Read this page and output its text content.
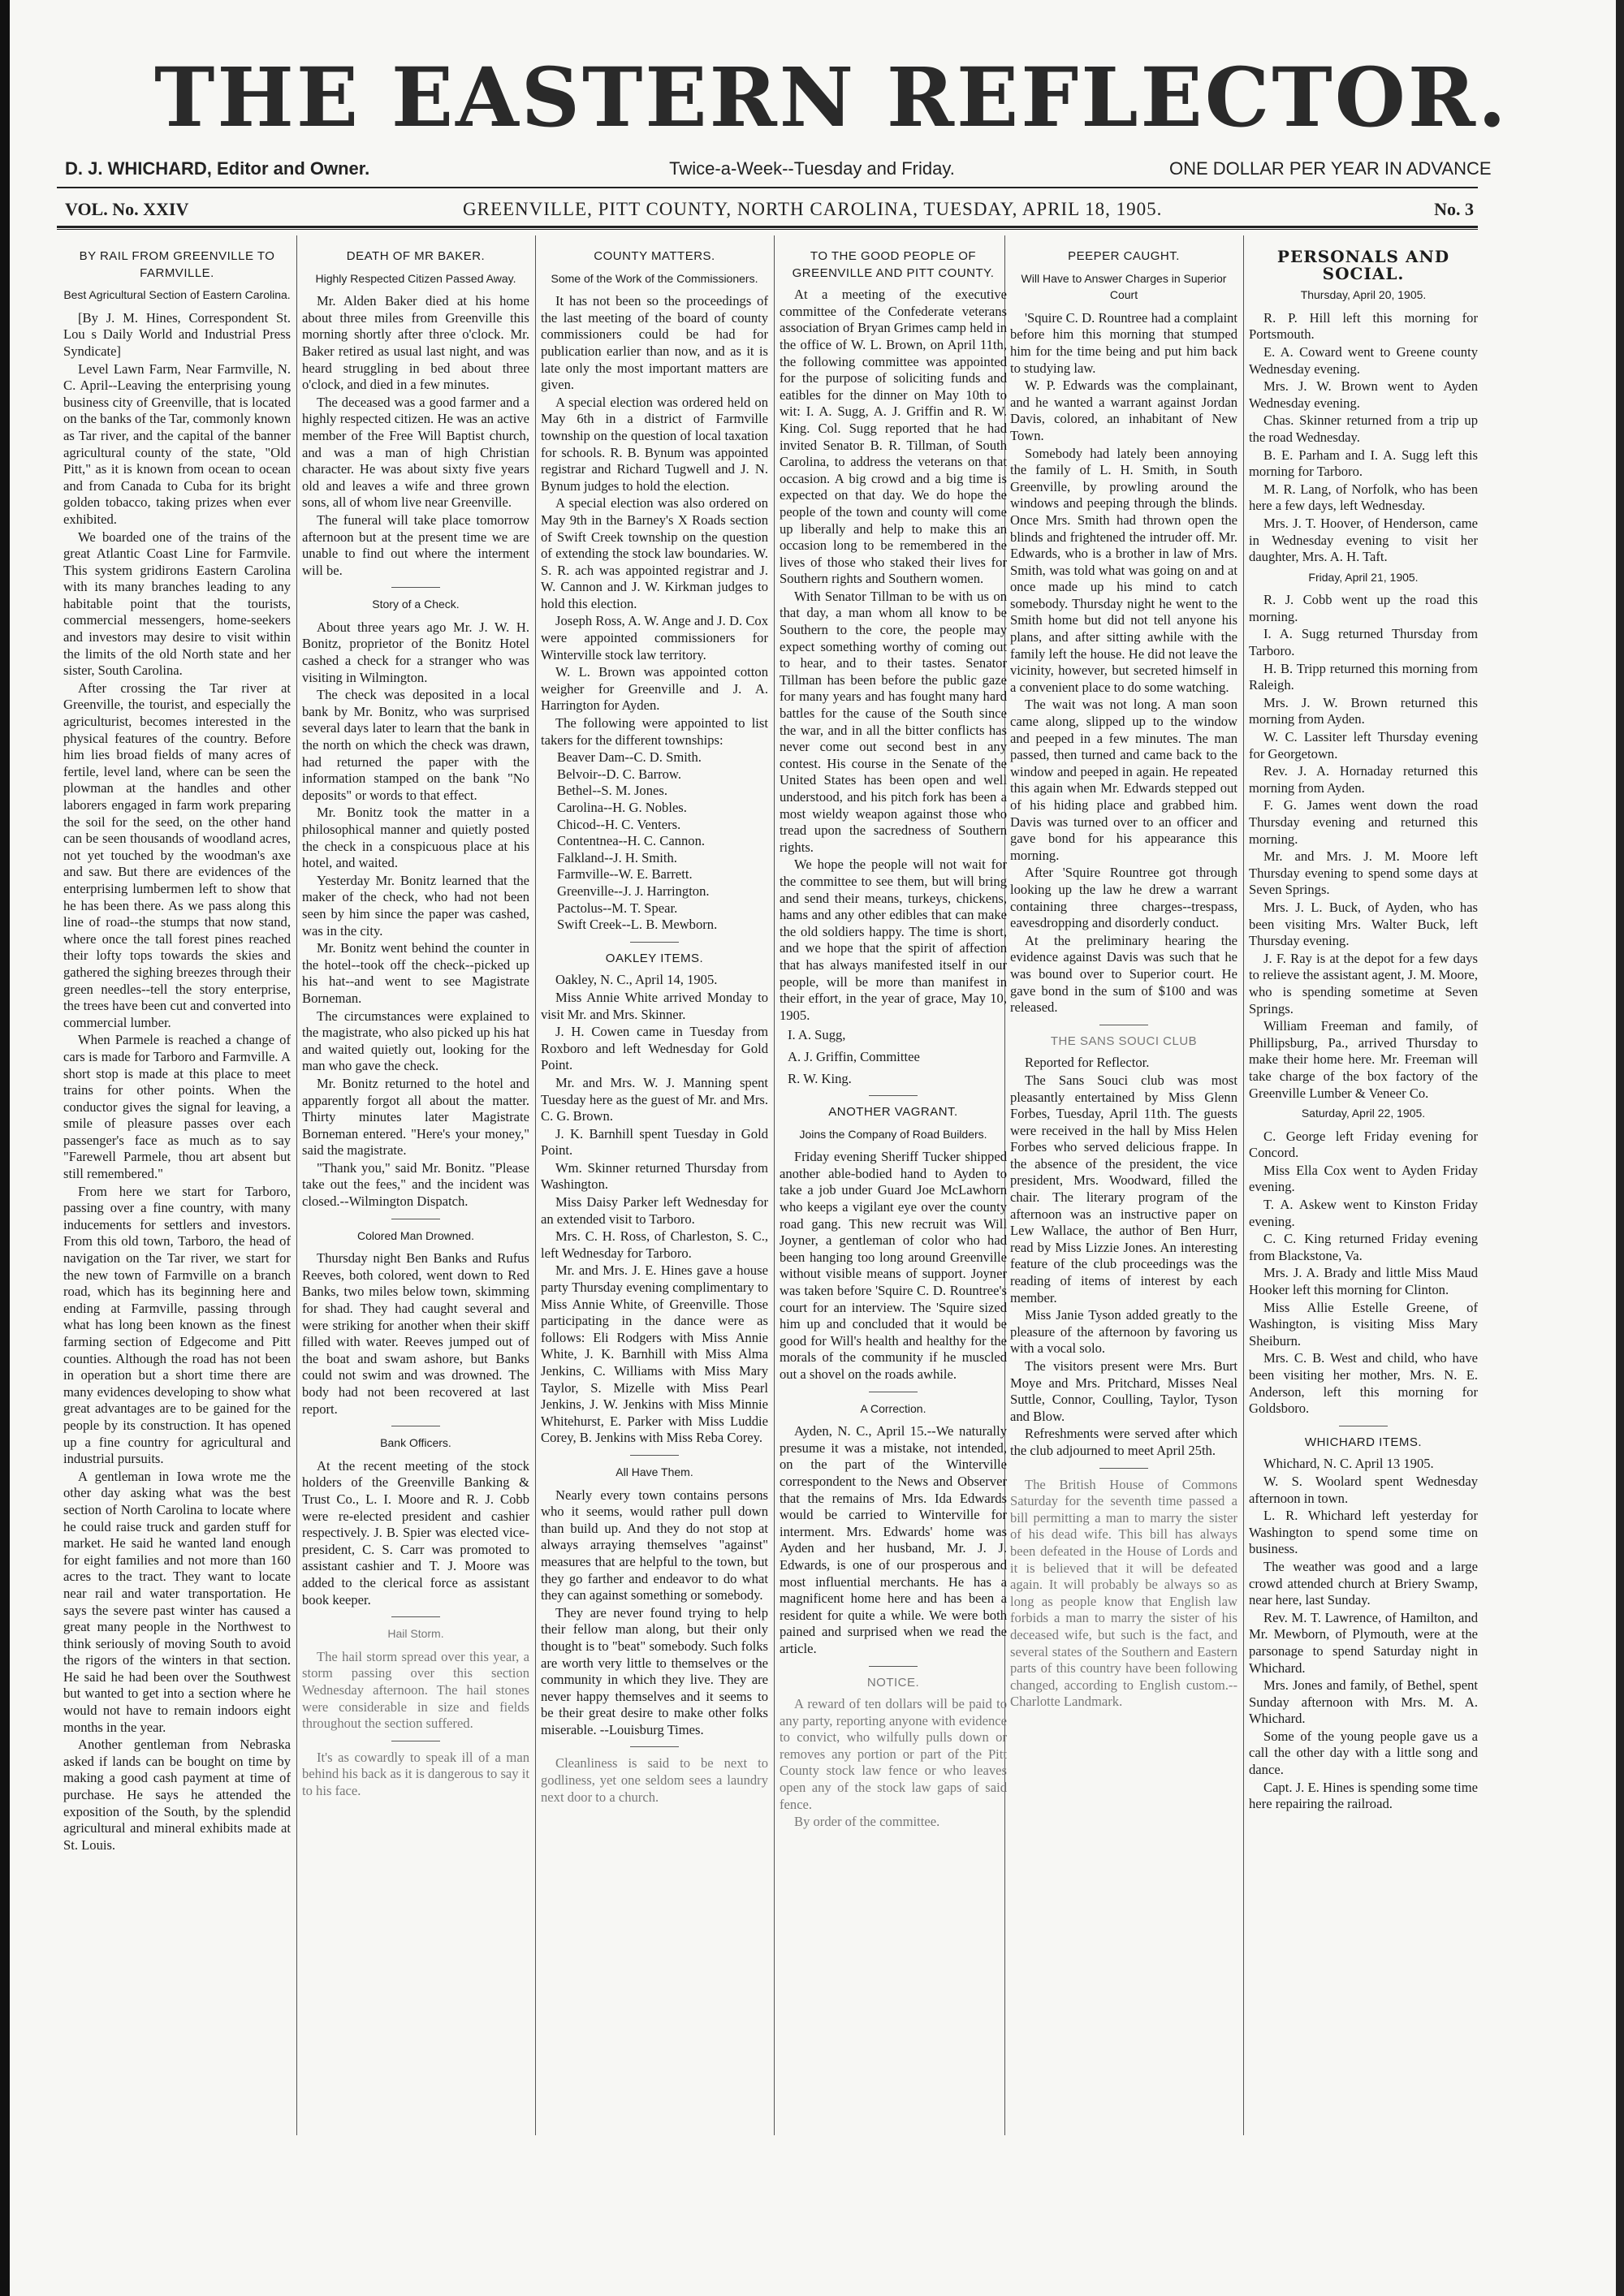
THE EASTERN REFLECTOR.
D. J. WHICHARD, Editor and Owner.	Twice-a-Week--Tuesday and Friday.	ONE DOLLAR PER YEAR IN ADVANCE
VOL. No. XXIV	GREENVILLE, PITT COUNTY, NORTH CAROLINA, TUESDAY, APRIL 18, 1905.	No. 3

BY RAIL FROM GREENVILLE TO FARMVILLE.

Best Agricultural Section of Eastern Carolina.

[By J. M. Hines, Correspondent St. Lou s Daily World and Industrial Press Syndicate]

Level Lawn Farm, Near Farmville, N. C. April--Leaving the enterprising young business city of Greenville, that is located on the banks of the Tar, commonly known as Tar river, and the capital of the banner agricultural county of the state, "Old Pitt," as it is known from ocean to ocean and from Canada to Cuba for its bright golden tobacco, taking prizes when ever exhibited.

We boarded one of the trains of the great Atlantic Coast Line for Farmvile. This system gridirons Eastern Carolina with its many branches leading to any habitable point that the tourists, commercial messengers, home-seekers and investors may desire to visit within the limits of the old North state and her sister, South Carolina.

After crossing the Tar river at Greenville, the tourist, and especially the agriculturist, becomes interested in the physical features of the country. Before him lies broad fields of many acres of fertile, level land, where can be seen the plowman at the handles and other laborers engaged in farm work preparing the soil for the seed, on the other hand can be seen thousands of woodland acres, not yet touched by the woodman's axe and saw. But there are evidences of the enterprising lumbermen left to show that he has been there. As we pass along this line of road--the stumps that now stand, where once the tall forest pines reached their lofty tops towards the skies and gathered the sighing breezes through their green needles--tell the story enterprise, the trees have been cut and converted into commercial lumber.

When Parmele is reached a change of cars is made for Tarboro and Farmville. A short stop is made at this place to meet trains for other points. When the conductor gives the signal for leaving, a smile of pleasure passes over each passenger's face as much as to say "Farewell Parmele, thou art absent but still remembered."

From here we start for Tarboro, passing over a fine country, with many inducements for settlers and investors. From this old town, Tarboro, the head of navigation on the Tar river, we start for the new town of Farmville on a branch road, which has its beginning here and ending at Farmville, passing through what has long been known as the finest farming section of Edgecome and Pitt counties. Although the road has not been in operation but a short time there are many evidences developing to show what great advantages are to be gained for the people by its construction. It has opened up a fine country for agricultural and industrial pursuits.

A gentleman in Iowa wrote me the other day asking what was the best section of North Carolina to locate where he could raise truck and garden stuff for market. He said he wanted land enough for eight families and not more than 160 acres to the tract. They want to locate near rail and water transportation. He says the severe past winter has caused a great many people in the Northwest to think seriously of moving South to avoid the rigors of the winters in that section. He said he had been over the Southwest but wanted to get into a section where he would not have to remain indoors eight months in the year.

Another gentleman from Nebraska asked if lands can be bought on time by making a good cash payment at time of purchase. He says he attended the exposition of the South, by the splendid agricultural and mineral exhibits made at St. Louis.

DEATH OF MR BAKER.

Highly Respected Citizen Passed Away.

Mr. Alden Baker died at his home about three miles from Greenville this morning shortly after three o'clock. Mr. Baker retired as usual last night, and was heard struggling in bed about three o'clock, and died in a few minutes.

The deceased was a good farmer and a highly respected citizen. He was an active member of the Free Will Baptist church, and was a man of high Christian character. He was about sixty five years old and leaves a wife and three grown sons, all of whom live near Greenville.

The funeral will take place tomorrow afternoon but at the present time we are unable to find out where the interment will be.

Story of a Check.

About three years ago Mr. J. W. H. Bonitz, proprietor of the Bonitz Hotel cashed a check for a stranger who was visiting in Wilmington.

The check was deposited in a local bank by Mr. Bonitz, who was surprised several days later to learn that the bank in the north on which the check was drawn, had returned the paper with the information stamped on the bank "No deposits" or words to that effect.

Mr. Bonitz took the matter in a philosophical manner and quietly posted the check in a conspicuous place at his hotel, and waited.

Yesterday Mr. Bonitz learned that the maker of the check, who had not been seen by him since the paper was cashed, was in the city.

Mr. Bonitz went behind the counter in the hotel--took off the check--picked up his hat--and went to see Magistrate Borneman.

The circumstances were explained to the magistrate, who also picked up his hat and waited quietly out, looking for the man who gave the check.

Mr. Bonitz returned to the hotel and apparently forgot all about the matter. Thirty minutes later Magistrate Borneman entered. "Here's your money," said the magistrate.

"Thank you," said Mr. Bonitz. "Please take out the fees," and the incident was closed.--Wilmington Dispatch.

Colored Man Drowned.

Thursday night Ben Banks and Rufus Reeves, both colored, went down to Red Banks, two miles below town, skimming for shad. They had caught several and were striking for another when their skiff filled with water. Reeves jumped out of the boat and swam ashore, but Banks could not swim and was drowned. The body had not been recovered at last report.

Bank Officers.

At the recent meeting of the stock holders of the Greenville Banking & Trust Co., L. I. Moore and R. J. Cobb were re-elected president and cashier respectively. J. B. Spier was elected vice-president, C. S. Carr was promoted to assistant cashier and T. J. Moore was added to the clerical force as assistant book keeper.

Hail Storm.

The hail storm spread over this year, a storm passing over this section Wednesday afternoon. The hail stones were considerable in size and fields throughout the section suffered.

It's as cowardly to speak ill of a man behind his back as it is dangerous to say it to his face.

COUNTY MATTERS.

Some of the Work of the Commissioners.

It has not been so the proceedings of the last meeting of the board of county commissioners could be had for publication earlier than now, and as it is late only the most important matters are given.

A special election was ordered held on May 6th in a district of Farmville township on the question of local taxation for schools. R. B. Bynum was appointed registrar and Richard Tugwell and J. N. Bynum judges to hold the election.

A special election was also ordered on May 9th in the Barney's X Roads section of Swift Creek township on the question of extending the stock law boundaries. W. S. R. ach was appointed registrar and J. W. Cannon and J. W. Kirkman judges to hold this election.

Joseph Ross, A. W. Ange and J. D. Cox were appointed commissioners for Winterville stock law territory.

W. L. Brown was appointed cotton weigher for Greenville and J. A. Harrington for Ayden.

The following were appointed to list takers for the different townships:

Beaver Dam--C. D. Smith.

Belvoir--D. C. Barrow.

Bethel--S. M. Jones.

Carolina--H. G. Nobles.

Chicod--H. C. Venters.

Contentnea--H. C. Cannon.

Falkland--J. H. Smith.

Farmville--W. E. Barrett.

Greenville--J. J. Harrington.

Pactolus--M. T. Spear.

Swift Creek--L. B. Mewborn.

OAKLEY ITEMS.

Oakley, N. C., April 14, 1905.

Miss Annie White arrived Monday to visit Mr. and Mrs. Skinner.

J. H. Cowen came in Tuesday from Roxboro and left Wednesday for Gold Point.

Mr. and Mrs. W. J. Manning spent Tuesday here as the guest of Mr. and Mrs. C. G. Brown.

J. K. Barnhill spent Tuesday in Gold Point.

Wm. Skinner returned Thursday from Washington.

Miss Daisy Parker left Wednesday for an extended visit to Tarboro.

Mrs. C. H. Ross, of Charleston, S. C., left Wednesday for Tarboro.

Mr. and Mrs. J. E. Hines gave a house party Thursday evening complimentary to Miss Annie White, of Greenville. Those participating in the dance were as follows: Eli Rodgers with Miss Annie White, J. K. Barnhill with Miss Alma Jenkins, C. Williams with Miss Mary Taylor, S. Mizelle with Miss Pearl Jenkins, J. W. Jenkins with Miss Minnie Whitehurst, E. Parker with Miss Luddie Corey, B. Jenkins with Miss Reba Corey.

All Have Them.

Nearly every town contains persons who it seems, would rather pull down than build up. And they do not stop at always arraying themselves "against" measures that are helpful to the town, but they go farther and endeavor to do what they can against something or somebody.

They are never found trying to help their fellow man along, but their only thought is to "beat" somebody. Such folks are worth very little to themselves or the community in which they live. They are never happy themselves and it seems to be their great desire to make other folks miserable. --Louisburg Times.

Cleanliness is said to be next to godliness, yet one seldom sees a laundry next door to a church.

TO THE GOOD PEOPLE OF GREENVILLE AND PITT COUNTY.

At a meeting of the executive committee of the Confederate veterans association of Bryan Grimes camp held in the office of W. L. Brown, on April 11th, the following committee was appointed for the purpose of soliciting funds and eatibles for the dinner on May 10th to wit: I. A. Sugg, A. J. Griffin and R. W. King. Col. Sugg reported that he had invited Senator B. R. Tillman, of South Carolina, to address the veterans on that occasion. A big crowd and a big time is expected on that day. We do hope the people of the town and county will come up liberally and help to make this an occasion long to be remembered in the lives of those who staked their lives for Southern rights and Southern women.

With Senator Tillman to be with us on that day, a man whom all know to be Southern to the core, the people may expect something worthy of coming out to hear, and to their tastes. Senator Tillman has been before the public gaze for many years and has fought many hard battles for the cause of the South since the war, and in all the bitter conflicts has never come out second best in any contest. His course in the Senate of the United States has been open and well understood, and his pitch fork has been a most wieldy weapon against those who tread upon the sacredness of Southern rights.

We hope the people will not wait for the committee to see them, but will bring and send their means, turkeys, chickens, hams and any other edibles that can make the old soldiers happy. The time is short, and we hope that the spirit of affection that has always manifested itself in our people, will be more than manifest in their effort, in the year of grace, May 10, 1905.

I. A. Sugg,

A. J. Griffin, Committee

R. W. King.

ANOTHER VAGRANT.

Joins the Company of Road Builders.

Friday evening Sheriff Tucker shipped another able-bodied hand to Ayden to take a job under Guard Joe McLawhorn who keeps a vigilant eye over the county road gang. This new recruit was Will Joyner, a gentleman of color who had been hanging too long around Greenville without visible means of support. Joyner was taken before 'Squire C. D. Rountree's court for an interview. The 'Squire sized him up and concluded that it would be good for Will's health and healthy for the morals of the community if he muscled out a shovel on the roads awhile.

A Correction.

Ayden, N. C., April 15.--We naturally presume it was a mistake, not intended, on the part of the Winterville correspondent to the News and Observer that the remains of Mrs. Ida Edwards would be carried to Winterville for interment. Mrs. Edwards' home was Ayden and her husband, Mr. J. J. Edwards, is one of our prosperous and most influential merchants. He has a magnificent home here and has been a resident for quite a while. We were both pained and surprised when we read the article.

NOTICE.

A reward of ten dollars will be paid to any party, reporting anyone with evidence to convict, who wilfully pulls down or removes any portion or part of the Pitt County stock law fence or who leaves open any of the stock law gaps of said fence.

By order of the committee.

PEEPER CAUGHT.

Will Have to Answer Charges in Superior Court

'Squire C. D. Rountree had a complaint before him this morning that stumped him for the time being and put him back to studying law.

W. P. Edwards was the complainant, and he wanted a warrant against Jordan Davis, colored, an inhabitant of New Town.

Somebody had lately been annoying the family of L. H. Smith, in South Greenville, by prowling around the windows and peeping through the blinds. Once Mrs. Smith had thrown open the blinds and frightened the intruder off. Mr. Edwards, who is a brother in law of Mrs. Smith, was told what was going on and at once made up his mind to catch somebody. Thursday night he went to the Smith home but did not tell anyone his plans, and after sitting awhile with the family left the house. He did not leave the vicinity, however, but secreted himself in a convenient place to do some watching.

The wait was not long. A man soon came along, slipped up to the window and peeped in a few minutes. The man passed, then turned and came back to the window and peeped in again. He repeated this again when Mr. Edwards stepped out of his hiding place and grabbed him. Davis was turned over to an officer and gave bond for his appearance this morning.

After 'Squire Rountree got through looking up the law he drew a warrant containing three charges--trespass, eavesdropping and disorderly conduct.

At the preliminary hearing the evidence against Davis was such that he was bound over to Superior court. He gave bond in the sum of $100 and was released.

THE SANS SOUCI CLUB

Reported for Reflector.

The Sans Souci club was most pleasantly entertained by Miss Glenn Forbes, Tuesday, April 11th. The guests were received in the hall by Miss Helen Forbes who served delicious frappe. In the absence of the president, the vice president, Mrs. Woodward, filled the chair. The literary program of the afternoon was an instructive paper on Lew Wallace, the author of Ben Hurr, read by Miss Lizzie Jones. An interesting feature of the club proceedings was the reading of items of interest by each member.

Miss Janie Tyson added greatly to the pleasure of the afternoon by favoring us with a vocal solo.

The visitors present were Mrs. Burt Moye and Mrs. Pritchard, Misses Neal Suttle, Connor, Coulling, Taylor, Tyson and Blow.

Refreshments were served after which the club adjourned to meet April 25th.

The British House of Commons Saturday for the seventh time passed a bill permitting a man to marry the sister of his dead wife. This bill has always been defeated in the House of Lords and it is believed that it will be defeated again. It will probably be always so as long as people know that English law forbids a man to marry the sister of his deceased wife, but such is the fact, and several states of the Southern and Eastern parts of this country have been following changed, according to English custom.--Charlotte Landmark.

PERSONALS AND SOCIAL.

Thursday, April 20, 1905.

R. P. Hill left this morning for Portsmouth.

E. A. Coward went to Greene county Wednesday evening.

Mrs. J. W. Brown went to Ayden Wednesday evening.

Chas. Skinner returned from a trip up the road Wednesday.

B. E. Parham and I. A. Sugg left this morning for Tarboro.

M. R. Lang, of Norfolk, who has been here a few days, left Wednesday.

Mrs. J. T. Hoover, of Henderson, came in Wednesday evening to visit her daughter, Mrs. A. H. Taft.

Friday, April 21, 1905.

R. J. Cobb went up the road this morning.

I. A. Sugg returned Thursday from Tarboro.

H. B. Tripp returned this morning from Raleigh.

Mrs. J. W. Brown returned this morning from Ayden.

W. C. Lassiter left Thursday evening for Georgetown.

Rev. J. A. Hornaday returned this morning from Ayden.

F. G. James went down the road Thursday evening and returned this morning.

Mr. and Mrs. J. M. Moore left Thursday evening to spend some days at Seven Springs.

Mrs. J. L. Buck, of Ayden, who has been visiting Mrs. Walter Buck, left Thursday evening.

J. F. Ray is at the depot for a few days to relieve the assistant agent, J. M. Moore, who is spending sometime at Seven Springs.

William Freeman and family, of Phillipsburg, Pa., arrived Thursday to make their home here. Mr. Freeman will take charge of the box factory of the Greenville Lumber & Veneer Co.

Saturday, April 22, 1905.

C. George left Friday evening for Concord.

Miss Ella Cox went to Ayden Friday evening.

T. A. Askew went to Kinston Friday evening.

C. C. King returned Friday evening from Blackstone, Va.

Mrs. J. A. Brady and little Miss Maud Hooker left this morning for Clinton.

Miss Allie Estelle Greene, of Washington, is visiting Miss Mary Sheiburn.

Mrs. C. B. West and child, who have been visiting her mother, Mrs. N. E. Anderson, left this morning for Goldsboro.

WHICHARD ITEMS.

Whichard, N. C. April 13 1905.

W. S. Woolard spent Wednesday afternoon in town.

L. R. Whichard left yesterday for Washington to spend some time on business.

The weather was good and a large crowd attended church at Briery Swamp, near here, last Sunday.

Rev. M. T. Lawrence, of Hamilton, and Mr. Mewborn, of Plymouth, were at the parsonage to spend Saturday night in Whichard.

Mrs. Jones and family, of Bethel, spent Sunday afternoon with Mrs. M. A. Whichard.

Some of the young people gave us a call the other day with a little song and dance.

Capt. J. E. Hines is spending some time here repairing the railroad.
